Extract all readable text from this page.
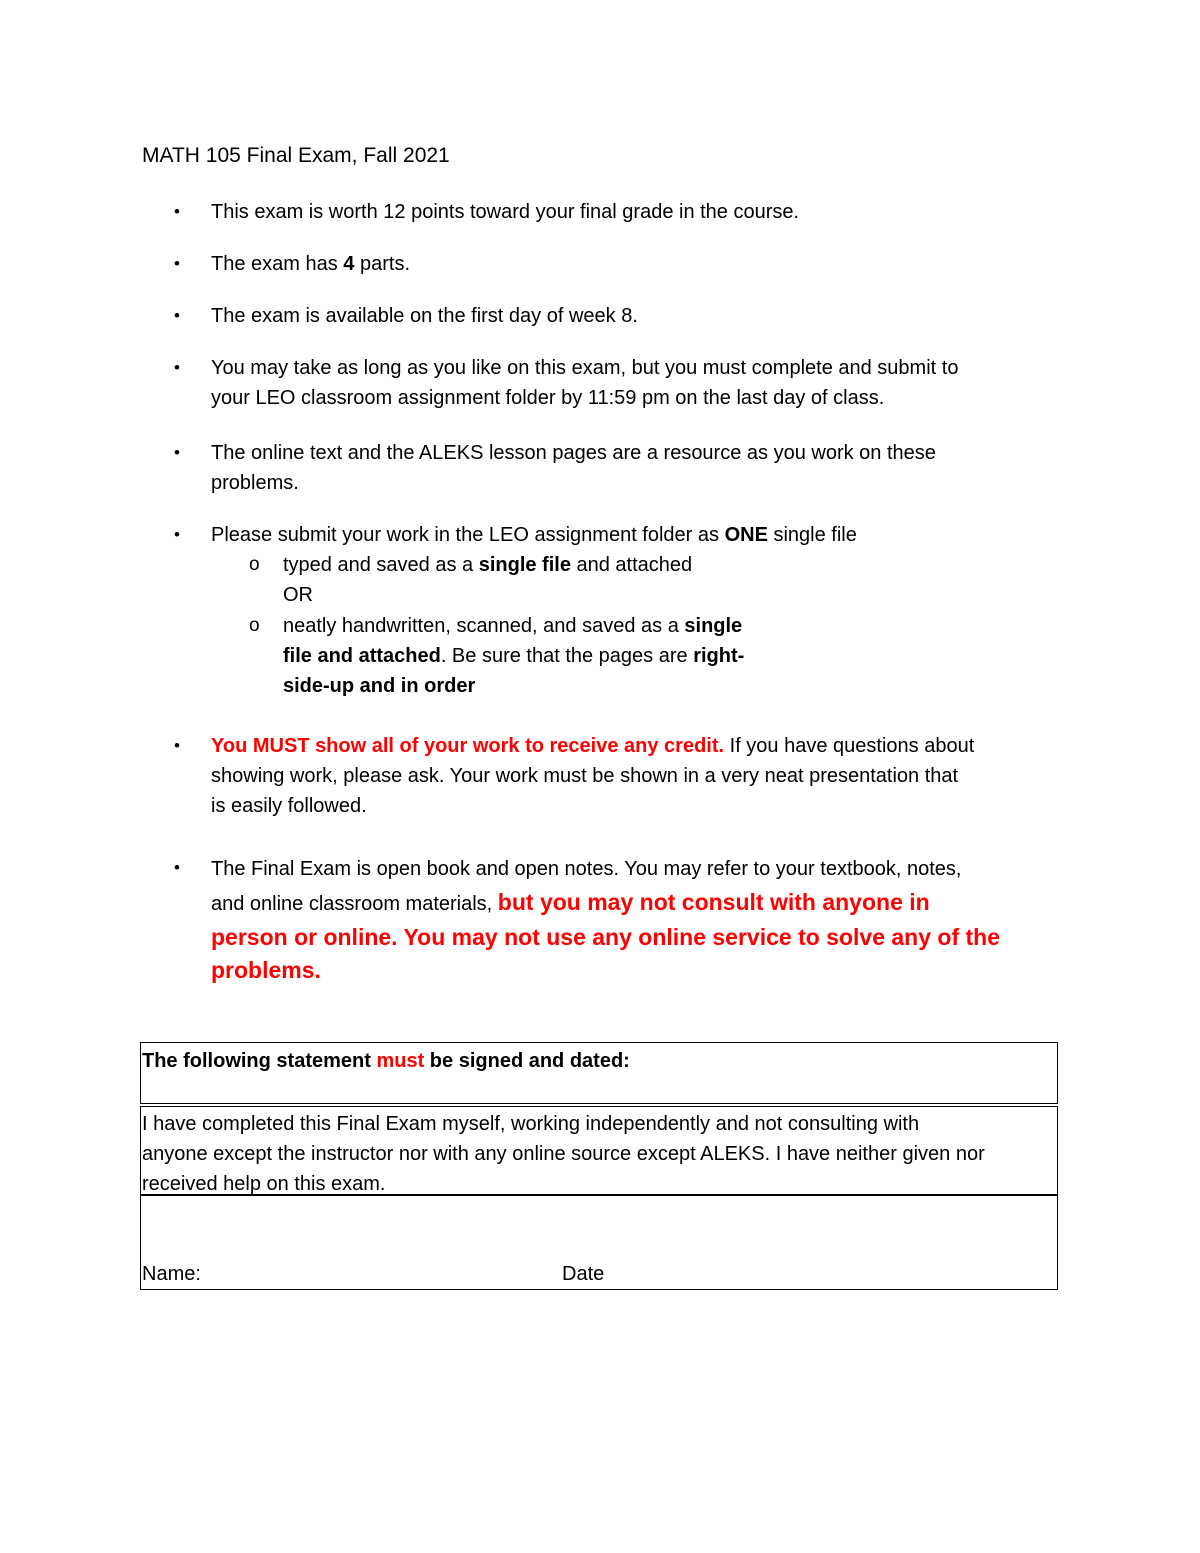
MATH 105 Final Exam, Fall 2021
• This exam is worth 12 points toward your final grade in the course.
• The exam has 4 parts.
• The exam is available on the first day of week 8.
• You may take as long as you like on this exam, but you must complete and submit to
your LEO classroom assignment folder by 11:59 pm on the last day of class.
• The online text and the ALEKS lesson pages are a resource as you work on these
problems.
• Please submit your work in the LEO assignment folder as ONE single file
o typed and saved as a single file and attached
OR
o neatly handwritten, scanned, and saved as a single
file and attached. Be sure that the pages are right-
side-up and in order
• You MUST show all of your work to receive any credit. If you have questions about
showing work, please ask. Your work must be shown in a very neat presentation that
is easily followed.
• The Final Exam is open book and open notes. You may refer to your textbook, notes,
and online classroom materials, but you may not consult with anyone in
person or online. You may not use any online service to solve any of the
problems.
The following statement must be signed and dated:
I have completed this Final Exam myself, working independently and not consulting with
anyone except the instructor nor with any online source except ALEKS. I have neither given nor
received help on this exam.
Name:	Date
